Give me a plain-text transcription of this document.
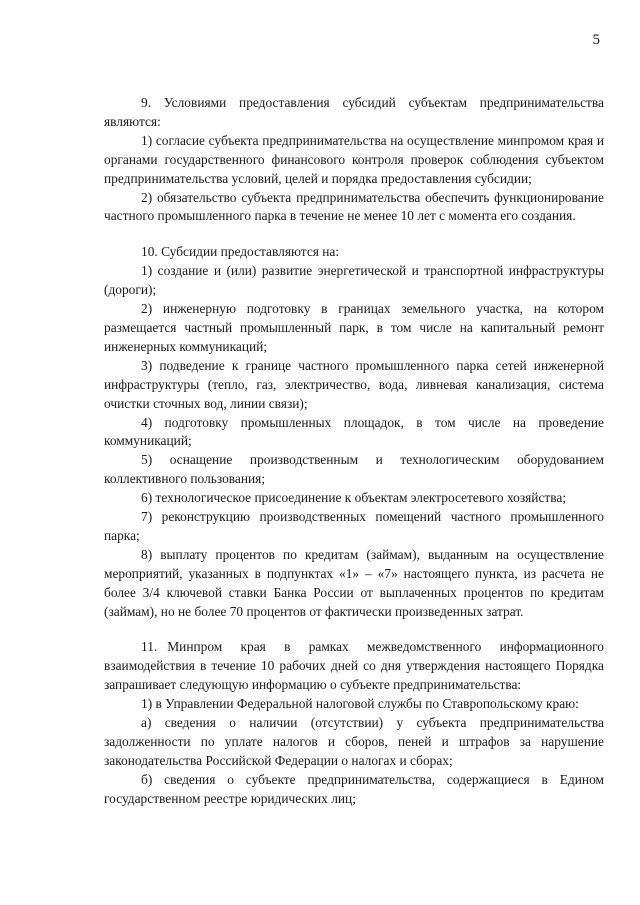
5

9. Условиями предоставления субсидий субъектам предпринимательства являются:

1) согласие субъекта предпринимательства на осуществление минпромом края и органами государственного финансового контроля проверок соблюдения субъектом предпринимательства условий, целей и порядка предоставления субсидии;

2) обязательство субъекта предпринимательства обеспечить функционирование частного промышленного парка в течение не менее 10 лет с момента его создания.

10. Субсидии предоставляются на:

1) создание и (или) развитие энергетической и транспортной инфраструктуры (дороги);

2) инженерную подготовку в границах земельного участка, на котором размещается частный промышленный парк, в том числе на капитальный ремонт инженерных коммуникаций;

3) подведение к границе частного промышленного парка сетей инженерной инфраструктуры (тепло, газ, электричество, вода, ливневая канализация, система очистки сточных вод, линии связи);

4) подготовку промышленных площадок, в том числе на проведение коммуникаций;

5) оснащение производственным и технологическим оборудованием коллективного пользования;

6) технологическое присоединение к объектам электросетевого хозяйства;

7) реконструкцию производственных помещений частного промышленного парка;

8) выплату процентов по кредитам (займам), выданным на осуществление мероприятий, указанных в подпунктах «1» – «7» настоящего пункта, из расчета не более 3/4 ключевой ставки Банка России от выплаченных процентов по кредитам (займам), но не более 70 процентов от фактически произведенных затрат.

11. Минпром края в рамках межведомственного информационного взаимодействия в течение 10 рабочих дней со дня утверждения настоящего Порядка запрашивает следующую информацию о субъекте предпринимательства:

1) в Управлении Федеральной налоговой службы по Ставропольскому краю:

а) сведения о наличии (отсутствии) у субъекта предпринимательства задолженности по уплате налогов и сборов, пеней и штрафов за нарушение законодательства Российской Федерации о налогах и сборах;

б) сведения о субъекте предпринимательства, содержащиеся в Едином государственном реестре юридических лиц;
